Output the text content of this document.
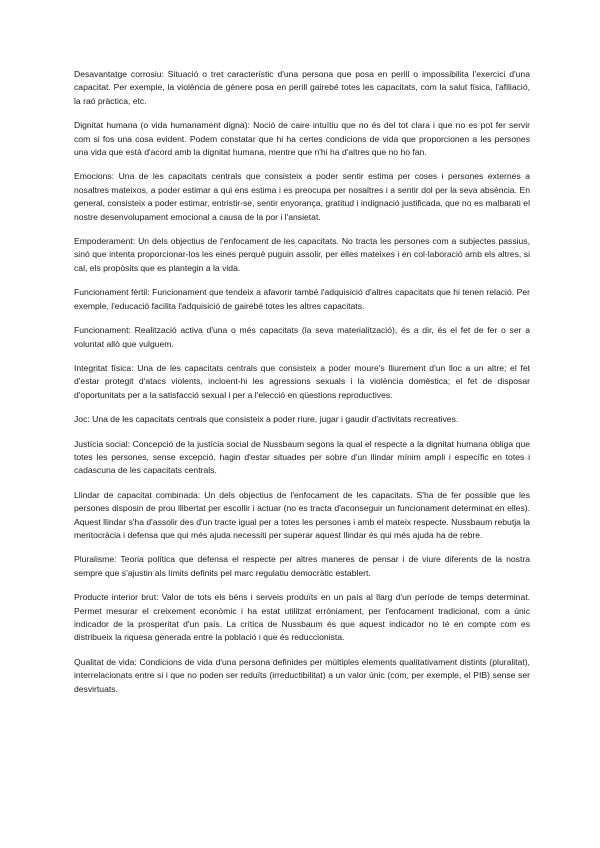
Desavantatge corrosiu: Situació o tret característic d'una persona que posa en perill o impossibilita l'exercici d'una capacitat. Per exemple, la violència de gènere posa en perill gairebé totes les capacitats, com la salut física, l'afiliació, la raó pràctica, etc.

Dignitat humana (o vida humanament digna): Noció de caire intuïtiu que no és del tot clara i que no es pot fer servir com si fos una cosa evident. Podem constatar que hi ha certes condicions de vida que proporcionen a les persones una vida que està d'acord amb la dignitat humana, mentre que n'hi ha d'altres que no ho fan.

Emocions: Una de les capacitats centrals que consisteix a poder sentir estima per coses i persones externes a nosaltres mateixos, a poder estimar a qui ens estima i es preocupa per nosaltres i a sentir dol per la seva absència. En general, consisteix a poder estimar, entristir-se, sentir enyorança, gratitud i indignació justificada, que no es malbarati el nostre desenvolupament emocional a causa de la por i l'ansietat.

Empoderament: Un dels objectius de l'enfocament de les capacitats. No tracta les persones com a subjectes passius, sinó que intenta proporcionar-los les eines perquè puguin assolir, per elles mateixes i en col·laboració amb els altres, si cal, els propòsits que es plantegin a la vida.

Funcionament fèrtil: Funcionament que tendeix a afavorir també l'adquisició d'altres capacitats que hi tenen relació. Per exemple, l'educació facilita l'adquisició de gairebé totes les altres capacitats.

Funcionament: Realització activa d'una o més capacitats (la seva materialització), és a dir, és el fet de fer o ser a voluntat allò que vulguem.

Integritat física: Una de les capacitats centrals que consisteix a poder moure's lliurement d'un lloc a un altre; el fet d'estar protegit d'atacs violents, incloent-hi les agressions sexuals i la violència domèstica; el fet de disposar d'oportunitats per a la satisfacció sexual i per a l'elecció en qüestions reproductives.

Joc: Una de les capacitats centrals que consisteix a poder riure, jugar i gaudir d'activitats recreatives.

Justícia social: Concepció de la justícia social de Nussbaum segons la qual el respecte a la dignitat humana obliga que totes les persones, sense excepció, hagin d'estar situades per sobre d'un llindar mínim ampli i específic en totes i cadascuna de les capacitats centrals.

Llindar de capacitat combinada: Un dels objectius de l'enfocament de les capacitats. S'ha de fer possible que les persones disposin de prou llibertat per escollir i actuar (no es tracta d'aconseguir un funcionament determinat en elles). Aquest llindar s'ha d'assolir des d'un tracte igual per a totes les persones i amb el mateix respecte. Nussbaum rebutja la meritocràcia i defensa que qui més ajuda necessiti per superar aquest llindar és qui més ajuda ha de rebre.

Pluralisme: Teoria política que defensa el respecte per altres maneres de pensar i de viure diferents de la nostra sempre que s'ajustin als límits definits pel marc regulatiu democràtic establert.

Producte interior brut: Valor de tots els béns i serveis produïts en un país al llarg d'un període de temps determinat. Permet mesurar el creixement econòmic i ha estat utilitzat erròniament, per l'enfocament tradicional, com a únic indicador de la prosperitat d'un país. La crítica de Nussbaum és que aquest indicador no té en compte com es distribueix la riquesa generada entre la població i que és reduccionista.

Qualitat de vida: Condicions de vida d'una persona definides per múltiples elements qualitativament distints (pluralitat), interrelacionats entre si i que no poden ser reduïts (irreductibilitat) a un valor únic (com, per exemple, el PIB) sense ser desvirtuats.
